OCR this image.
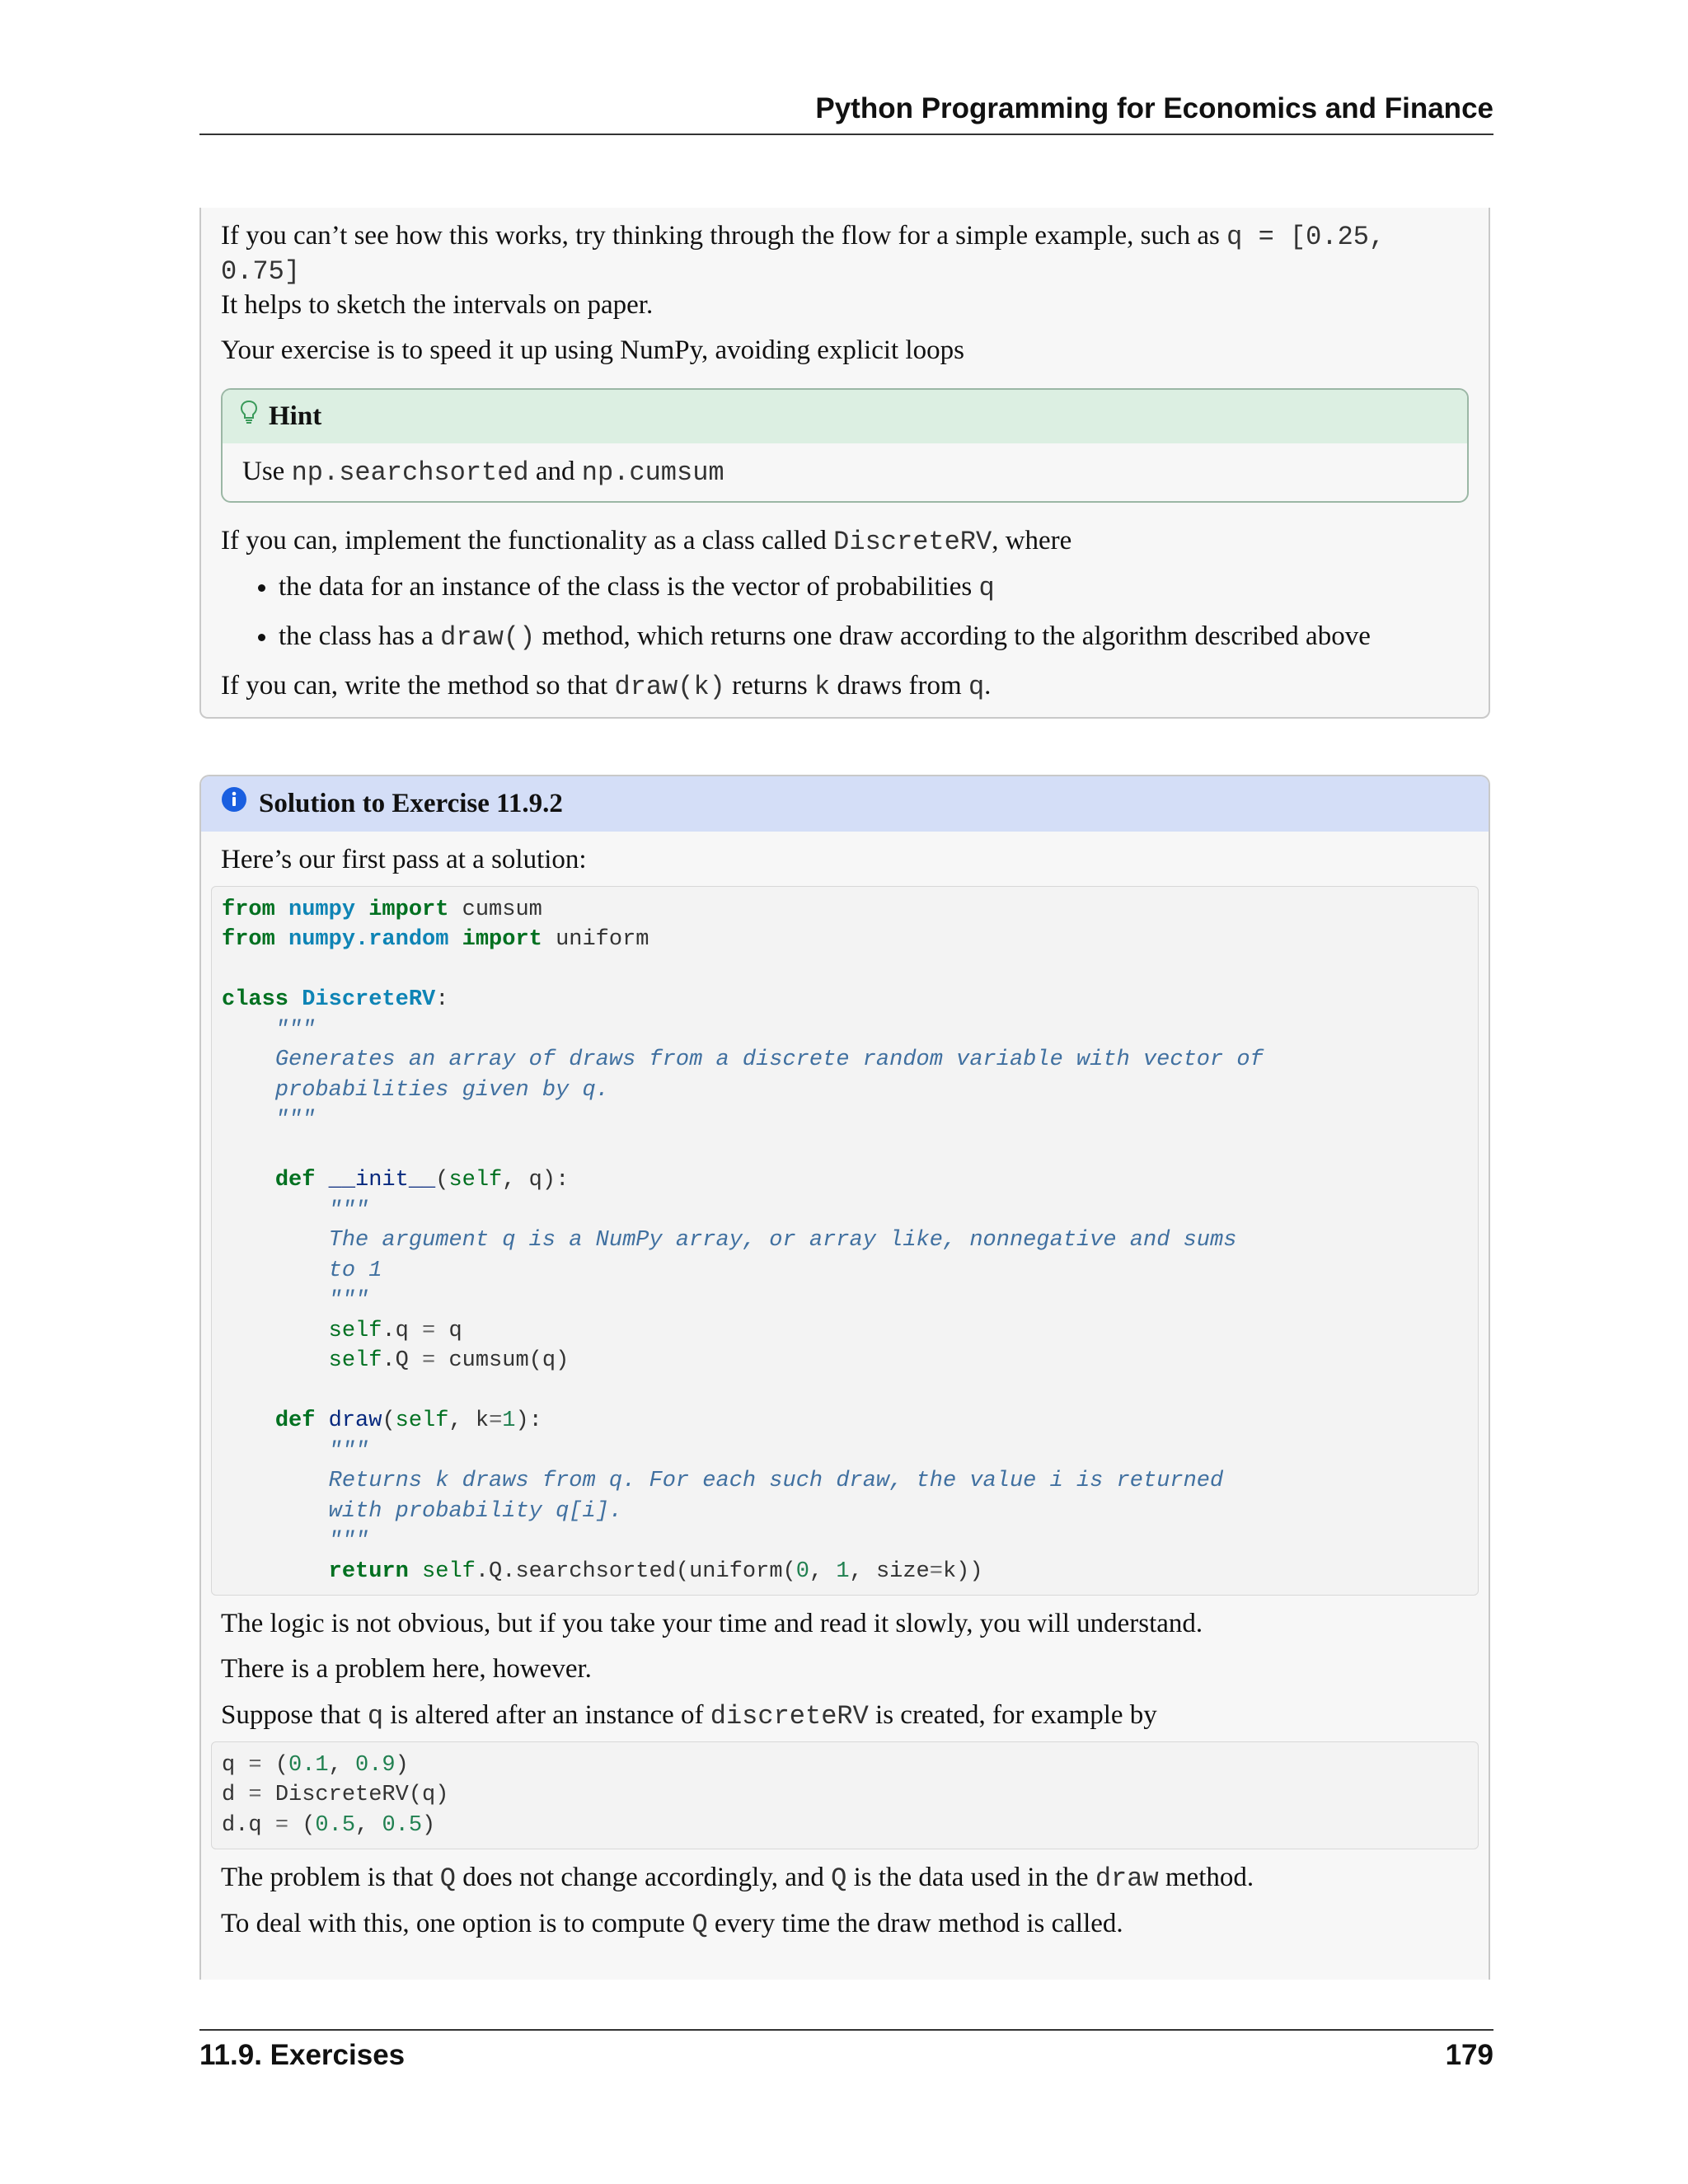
Python Programming for Economics and Finance

If you can’t see how this works, try thinking through the flow for a simple example, such as q = [0.25, 0.75]
It helps to sketch the intervals on paper.

Your exercise is to speed it up using NumPy, avoiding explicit loops

Hint
Use np.searchsorted and np.cumsum

If you can, implement the functionality as a class called DiscreteRV, where

• the data for an instance of the class is the vector of probabilities q
• the class has a draw() method, which returns one draw according to the algorithm described above

If you can, write the method so that draw(k) returns k draws from q.

Solution to Exercise 11.9.2

Here’s our first pass at a solution:

from numpy import cumsum
from numpy.random import uniform

class DiscreteRV:
"""
Generates an array of draws from a discrete random variable with vector of
probabilities given by q.
"""

def __init__(self, q):
"""
The argument q is a NumPy array, or array like, nonnegative and sums
to 1
"""
self.q = q
self.Q = cumsum(q)

def draw(self, k=1):
"""
Returns k draws from q. For each such draw, the value i is returned
with probability q[i].
"""
return self.Q.searchsorted(uniform(0, 1, size=k))

The logic is not obvious, but if you take your time and read it slowly, you will understand.

There is a problem here, however.

Suppose that q is altered after an instance of discreteRV is created, for example by

q = (0.1, 0.9)
d = DiscreteRV(q)
d.q = (0.5, 0.5)

The problem is that Q does not change accordingly, and Q is the data used in the draw method.

To deal with this, one option is to compute Q every time the draw method is called.

11.9. Exercises	179
